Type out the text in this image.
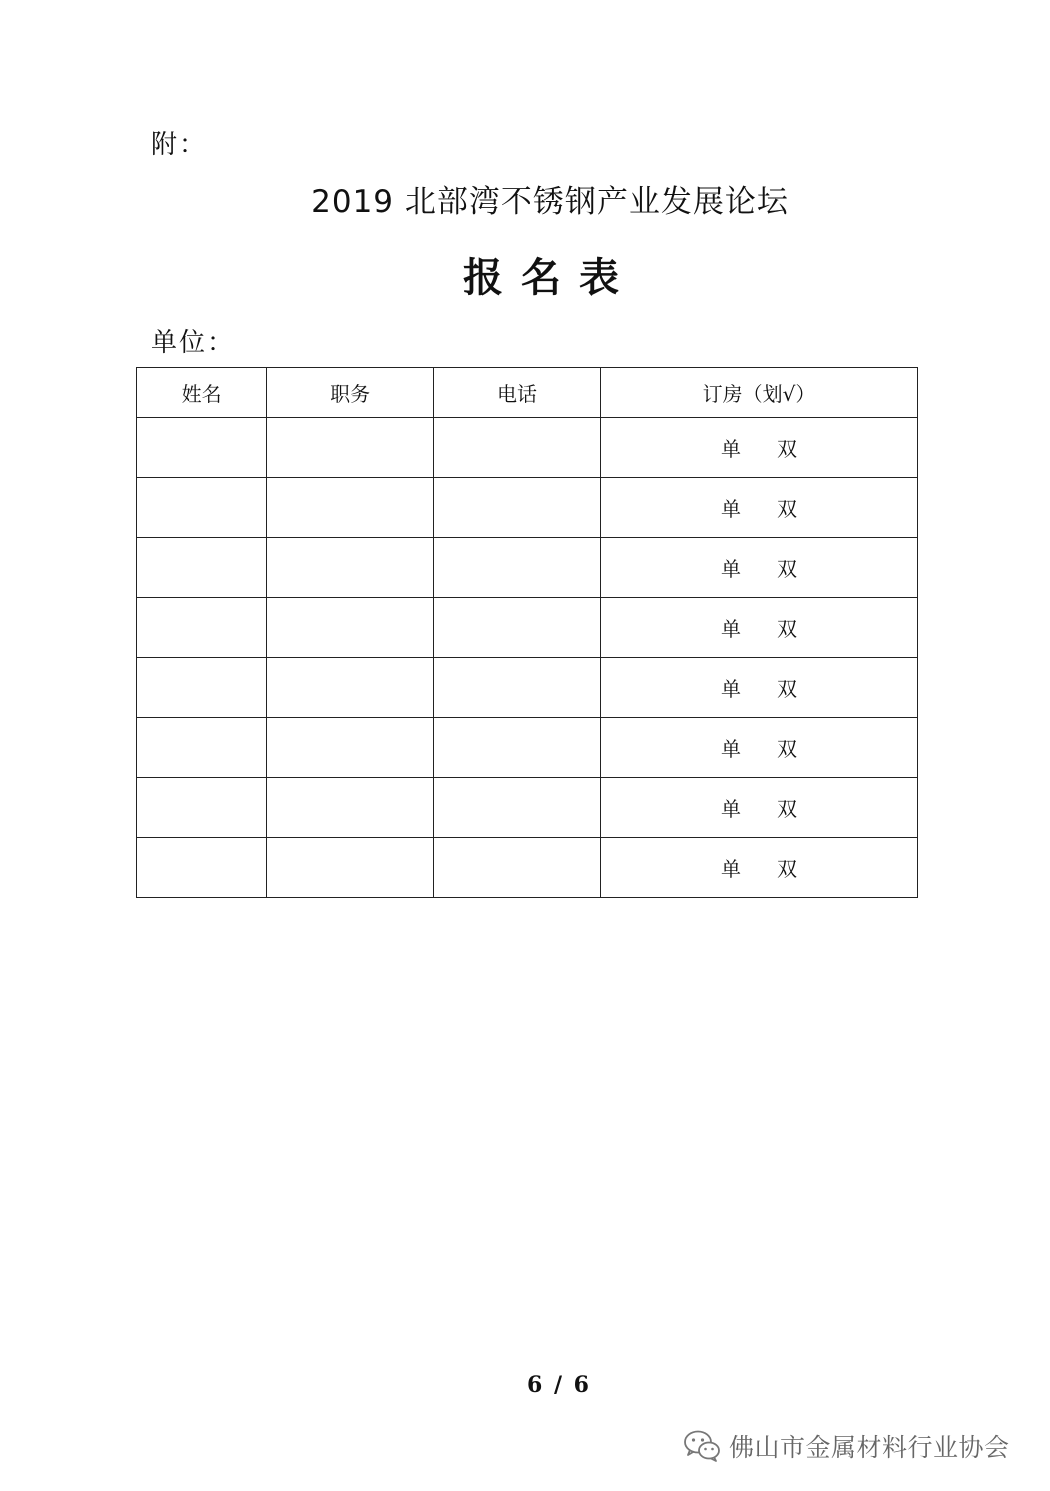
附：
2019 北部湾不锈钢产业发展论坛
报名表
单位：
姓名	职务	电话	订房（划√）
			单 双
			单 双
			单 双
			单 双
			单 双
			单 双
			单 双
			单 双
6 / 6
佛山市金属材料行业协会
